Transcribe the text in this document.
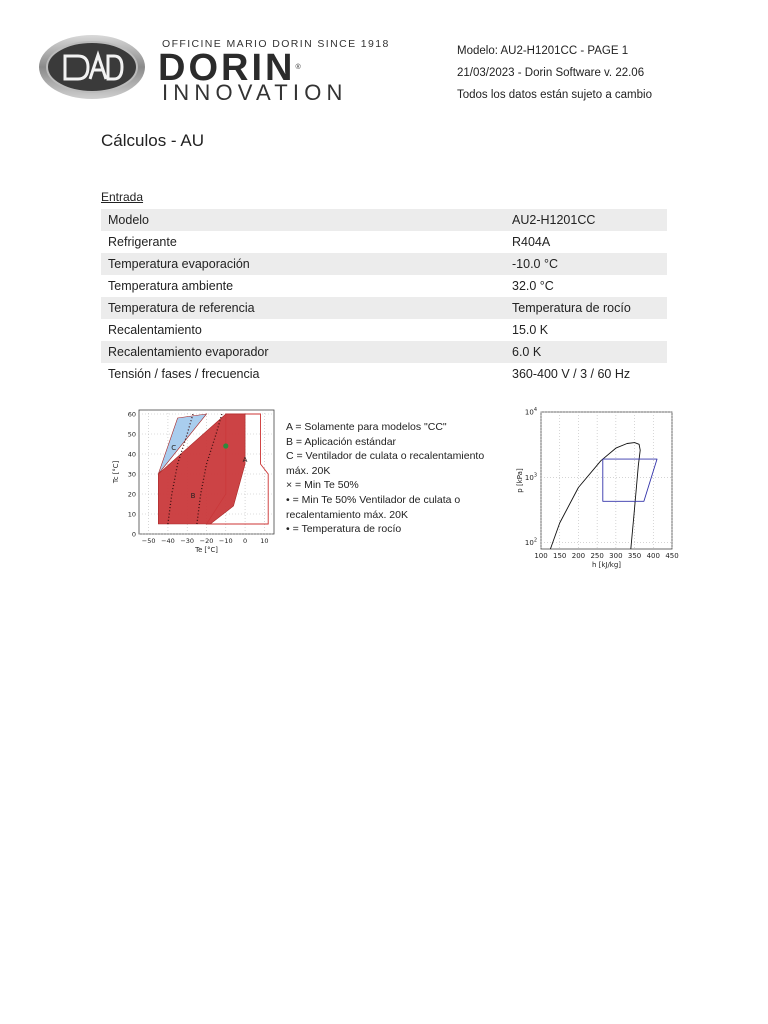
OFFICINE MARIO DORIN SINCE 1918
DORIN®
INNOVATION
Modelo: AU2-H1201CC - PAGE 1
21/03/2023 - Dorin Software v. 22.06
Todos los datos están sujeto a cambio
Cálculos - AU
Entrada
Modelo	AU2-H1201CC
Refrigerante	R404A
Temperatura evaporación	-10.0 °C
Temperatura ambiente	32.0 °C
Temperatura de referencia	Temperatura de rocío
Recalentamiento	15.0 K
Recalentamiento evaporador	6.0 K
Tensión / fases / frecuencia	360-400 V / 3 / 60 Hz
−50 −40 −30 −20 −10 0 10
0
10
20
30
40
50
60
A
B
C
Te [°C]
Tc [°C]
A = Solamente para modelos "CC"
B = Aplicación estándar
C = Ventilador de culata o recalentamiento máx. 20K
× = Min Te 50%
• = Min Te 50% Ventilador de culata o recalentamiento máx. 20K
• = Temperatura de rocío
100 150 200 250 300 350 400 450
$10^2$
$10^3$
$10^4$
h [kJ/kg]
p [kPa]
